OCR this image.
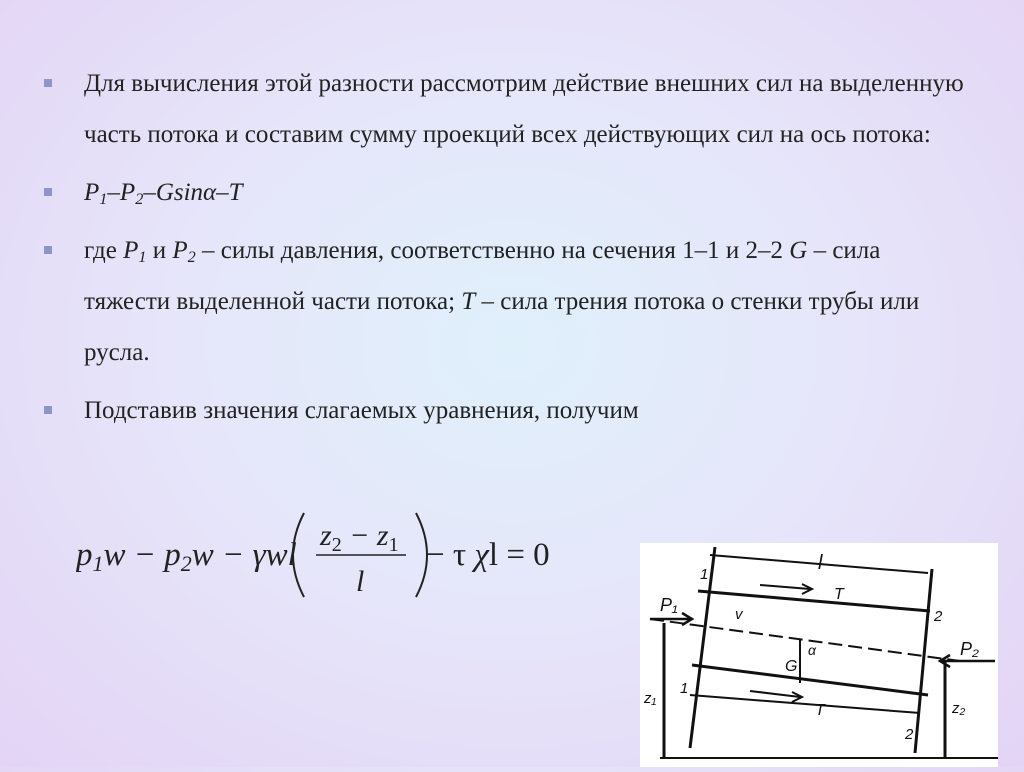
Для вычисления этой разности рассмотрим действие внешних сил на выделенную часть потока и составим сумму проекций всех действующих сил на ось потока:
$P_1-P_2-Gsin\alpha-T$
где $P_1$ и $P_2$ – силы давления, соответственно на сечения 1–1 и 2–2 G – сила тяжести выделенной части потока; T – сила трения потока о стенки трубы или русла.
Подставив значения слагаемых уравнения, получим
p1w − p2w − γwl
$z_2 - z_1$
l
− τ χl = 0	l
T
T
v
α
G
P₁
P₂
1
1
2
2
z₁
z₂
